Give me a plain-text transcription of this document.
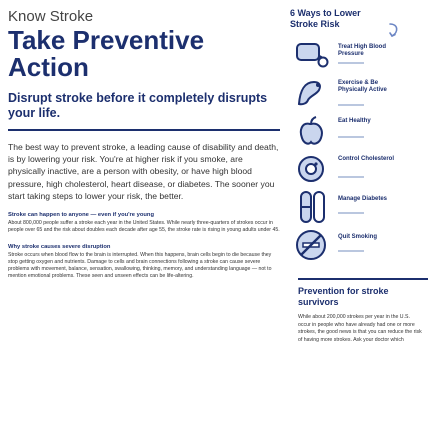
Know Stroke
Take Preventive
Action
Disrupt stroke before it completely disrupts your life.

The best way to prevent stroke, a leading cause of disability and death, is by lowering your risk. You're at higher risk if you smoke, are physically inactive, are a person with obesity, or have high blood pressure, high cholesterol, heart disease, or diabetes. The sooner you start taking steps to lower your risk, the better.

Stroke can happen to anyone — even if you're young

About 800,000 people suffer a stroke each year in the United States. While nearly three-quarters of strokes occur in people over 65 and the risk about doubles each decade after age 55, the stroke rate is rising in young adults under 45.

Why stroke causes severe disruption

Stroke occurs when blood flow to the brain is interrupted. When this happens, brain cells begin to die because they stop getting oxygen and nutrients. Damage to cells and brain connections following a stroke can cause severe problems with movement, balance, sensation, swallowing, thinking, memory, and understanding language — not to mention emotional problems. These seen and unseen effects can be life-altering.

6 Ways to Lower Stroke Risk
Treat High Blood Pressure
Exercise & Be Physically Active
Eat Healthy
Control Cholesterol
Manage Diabetes
Quit Smoking
Prevention for stroke survivors
While about 200,000 strokes per year in the U.S. occur in people who have already had one or more strokes, the good news is that you can reduce the risk of having more strokes. Ask your doctor which
